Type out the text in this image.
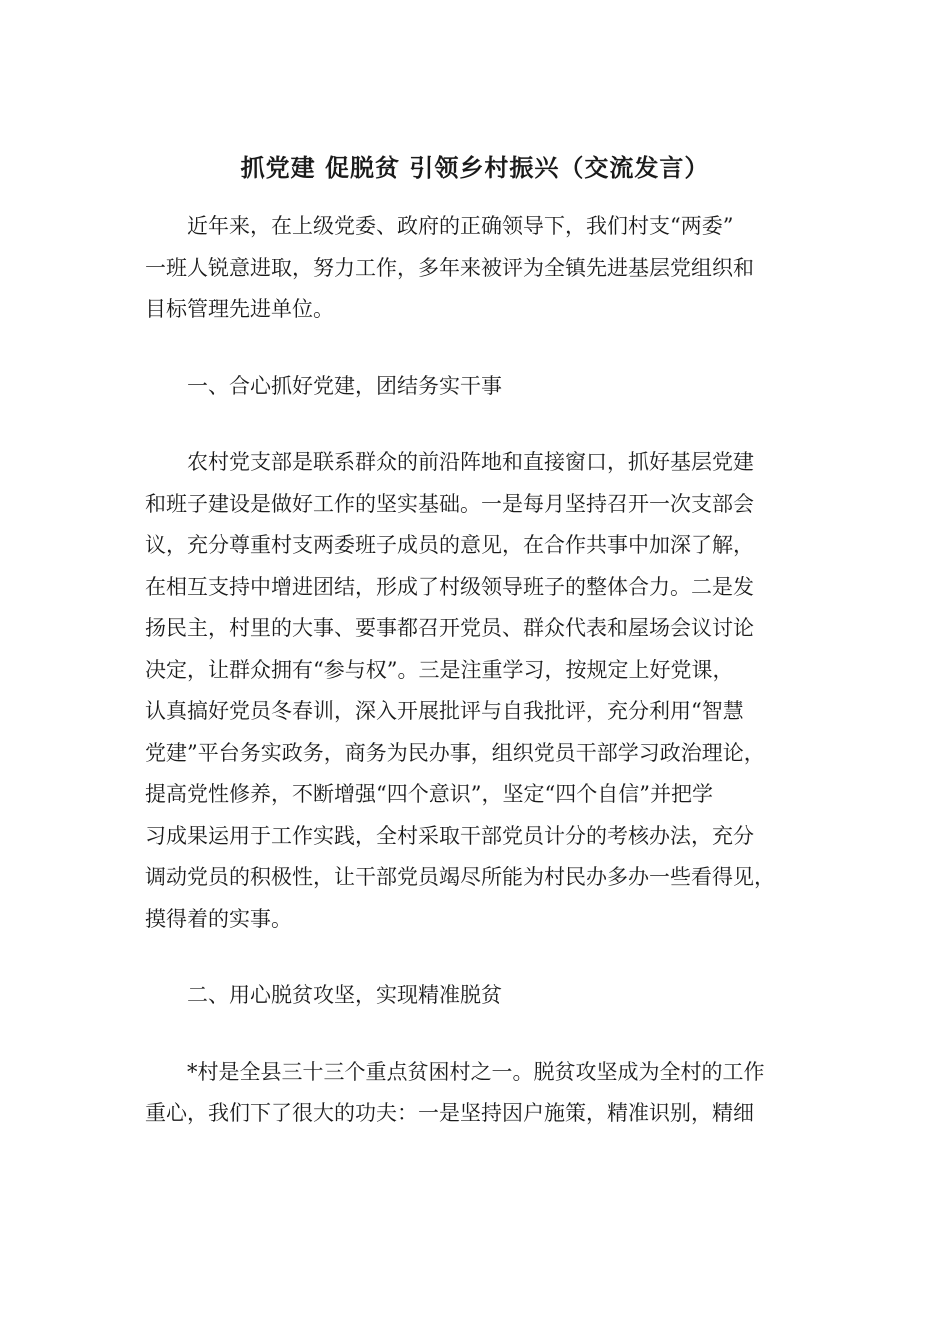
抓党建 促脱贫 引领乡村振兴（交流发言）
　　近年来，在上级党委、政府的正确领导下，我们村支“两委”
一班人锐意进取，努力工作，多年来被评为全镇先进基层党组织和
目标管理先进单位。
　　一、合心抓好党建，团结务实干事
　　农村党支部是联系群众的前沿阵地和直接窗口，抓好基层党建
和班子建设是做好工作的坚实基础。一是每月坚持召开一次支部会
议，充分尊重村支两委班子成员的意见，在合作共事中加深了解，
在相互支持中增进团结，形成了村级领导班子的整体合力。二是发
扬民主，村里的大事、要事都召开党员、群众代表和屋场会议讨论
决定，让群众拥有“参与权”。三是注重学习，按规定上好党课，
认真搞好党员冬春训，深入开展批评与自我批评，充分利用“智慧
党建”平台务实政务，商务为民办事，组织党员干部学习政治理论，
提高党性修养，不断增强“四个意识”，坚定“四个自信”并把学
习成果运用于工作实践，全村采取干部党员计分的考核办法，充分
调动党员的积极性，让干部党员竭尽所能为村民办多办一些看得见，
摸得着的实事。
　　二、用心脱贫攻坚，实现精准脱贫
　　*村是全县三十三个重点贫困村之一。脱贫攻坚成为全村的工作
重心，我们下了很大的功夫：一是坚持因户施策，精准识别，精细
